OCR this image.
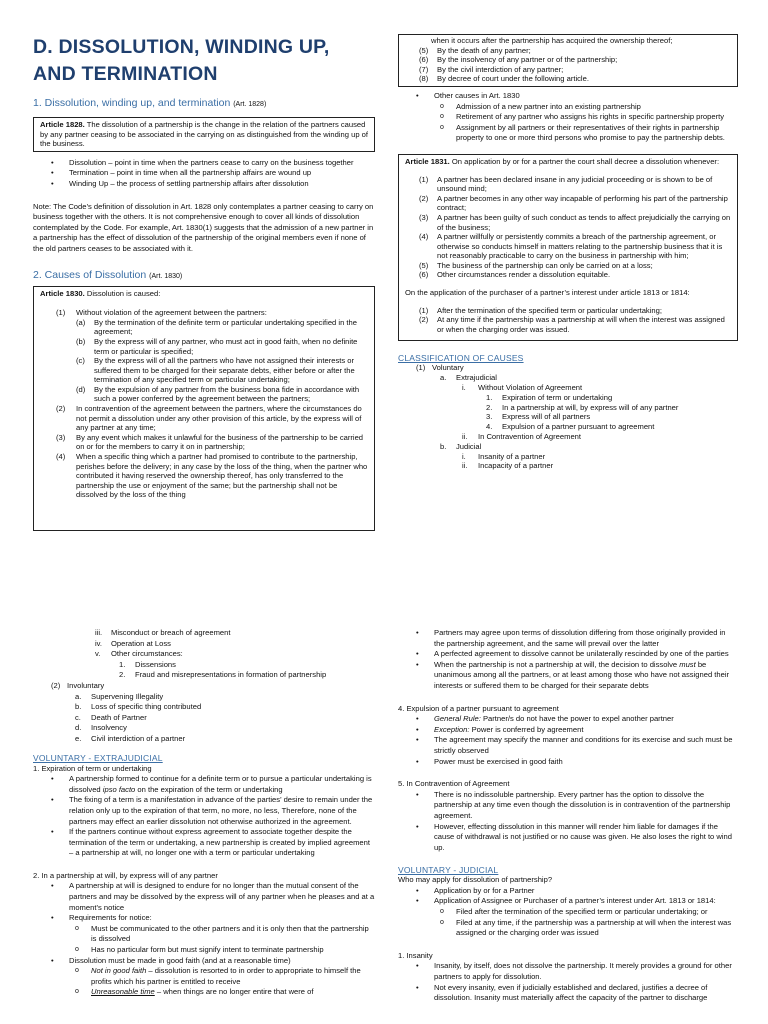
D. DISSOLUTION, WINDING UP,
AND TERMINATION

1. Dissolution, winding up, and termination (Art. 1828)

Article 1828. The dissolution of a partnership is the change in the relation of the partners caused by any partner ceasing to be associated in the carrying on as distinguished from the winding up of the business.
• Dissolution – point in time when the partners cease to carry on the business together
• Termination – point in time when all the partnership affairs are wound up
• Winding Up – the process of settling partnership affairs after dissolution

Note: The Code’s definition of dissolution in Art. 1828 only contemplates a partner ceasing to carry on business together with the others. It is not comprehensive enough to cover all kinds of dissolution contemplated by the Code. For example, Art. 1830(1) suggests that the admission of a new partner in a partnership has the effect of dissolution of the partnership of the original members even if none of the old partners ceases to be associated with it.

2. Causes of Dissolution (Art. 1830)

Article 1830. Dissolution is caused:
(1)	Without violation of the agreement between the partners:
(a)	By the termination of the definite term or particular undertaking specified in the agreement;
(b)	By the express will of any partner, who must act in good faith, when no definite term or particular is specified;
(c)	By the express will of all the partners who have not assigned their interests or suffered them to be charged for their separate debts, either before or after the termination of any specified term or particular undertaking;
(d)	By the expulsion of any partner from the business bona fide in accordance with such a power conferred by the agreement between the partners;
(2)	In contravention of the agreement between the partners, where the circumstances do not permit a dissolution under any other provision of this article, by the express will of any partner at any time;
(3)	By any event which makes it unlawful for the business of the partnership to be carried on or for the members to carry it on in partnership;
(4)	When a specific thing which a partner had promised to contribute to the partnership, perishes before the delivery; in any case by the loss of the thing, when the partner who contributed it having reserved the ownership thereof, has only transferred to the partnership the use or enjoyment of the same; but the partnership shall not be dissolved by the loss of the thing
when it occurs after the partnership has acquired the ownership thereof;
(5)	By the death of any partner;
(6)	By the insolvency of any partner or of the partnership;
(7)	By the civil interdiction of any partner;
(8)	By decree of court under the following article.
• Other causes in Art. 1830
o Admission of a new partner into an existing partnership
o Retirement of any partner who assigns his rights in specific partnership property
o Assignment by all partners or their representatives of their rights in partnership property to one or more third persons who promise to pay the partnership debts.
Article 1831. On application by or for a partner the court shall decree a dissolution whenever:
(1)	A partner has been declared insane in any judicial proceeding or is shown to be of unsound mind;
(2)	A partner becomes in any other way incapable of performing his part of the partnership contract;
(3)	A partner has been guilty of such conduct as tends to affect prejudicially the carrying on of the business;
(4)	A partner willfully or persistently commits a breach of the partnership agreement, or otherwise so conducts himself in matters relating to the partnership business that it is not reasonably practicable to carry on the business in partnership with him;
(5)	The business of the partnership can only be carried on at a loss;
(6)	Other circumstances render a dissolution equitable.
On the application of the purchaser of a partner’s interest under article 1813 or 1814:
(1)	After the termination of the specified term or particular undertaking;
(2)	At any time if the partnership was a partnership at will when the interest was assigned or when the charging order was issued.
CLASSIFICATION OF CAUSES
(1) Voluntary
a.	Extrajudicial
i.	Without Violation of Agreement
1.	Expiration of term or undertaking
2.	In a partnership at will, by express will of any partner
3.	Express will of all partners
4.	Expulsion of a partner pursuant to agreement
ii.	In Contravention of Agreement
b.	Judicial
i.	Insanity of a partner
ii.	Incapacity of a partner
iii.	Misconduct or breach of agreement
iv.	Operation at Loss
v.	Other circumstances:
1.	Dissensions
2.	Fraud and misrepresentations in formation of partnership
(2) Involuntary
a.	Supervening Illegality
b.	Loss of specific thing contributed
c.	Death of Partner
d.	Insolvency
e.	Civil interdiction of a partner
VOLUNTARY - EXTRAJUDICIAL
1. Expiration of term or undertaking
• A partnership formed to continue for a definite term or to pursue a particular undertaking is dissolved ipso facto on the expiration of the term or undertaking
• The fixing of a term is a manifestation in advance of the parties’ desire to remain under the relation only up to the expiration of that term, no more, no less, Therefore, none of the partners may effect an earlier dissolution not otherwise authorized in the agreement.
• If the partners continue without express agreement to associate together despite the termination of the term or undertaking, a new partnership is created by implied agreement – a partnership at will, no longer one with a term or particular undertaking
2. In a partnership at will, by express will of any partner
• A partnership at will is designed to endure for no longer than the mutual consent of the partners and may be dissolved by the express will of any partner when he pleases and at a moment’s notice
• Requirements for notice:
o Must be communicated to the other partners and it is only then that the partnership is dissolved
o Has no particular form but must signify intent to terminate partnership
• Dissolution must be made in good faith (and at a reasonable time)
o Not in good faith – dissolution is resorted to in order to appropriate to himself the profits which his partner is entitled to receive
o Unreasonable time – when things are no longer entire that were of
• Partners may agree upon terms of dissolution differing from those originally provided in the partnership agreement, and the same will prevail over the latter
• A perfected agreement to dissolve cannot be unilaterally rescinded by one of the parties
• When the partnership is not a partnership at will, the decision to dissolve must be unanimous among all the partners, or at least among those who have not assigned their interests or suffered them to be charged for their separate debts
4. Expulsion of a partner pursuant to agreement
• General Rule: Partner/s do not have the power to expel another partner
• Exception: Power is conferred by agreement
• The agreement may specify the manner and conditions for its exercise and such must be strictly observed
• Power must be exercised in good faith
5. In Contravention of Agreement
• There is no indissoluble partnership. Every partner has the option to dissolve the partnership at any time even though the dissolution is in contravention of the partnership agreement.
• However, effecting dissolution in this manner will render him liable for damages if the cause of withdrawal is not justified or no cause was given. He also loses the right to wind up.
VOLUNTARY - JUDICIAL
Who may apply for dissolution of partnership?
• Application by or for a Partner
• Application of Assignee or Purchaser of a partner’s interest under Art. 1813 or 1814:
o Filed after the termination of the specified term or particular undertaking; or
o Filed at any time, if the partnership was a partnership at will when the interest was assigned or the charging order was issued
1. Insanity
• Insanity, by itself, does not dissolve the partnership. It merely provides a ground for other partners to apply for dissolution.
• Not every insanity, even if judicially established and declared, justifies a decree of dissolution. Insanity must materially affect the capacity of the partner to discharge
